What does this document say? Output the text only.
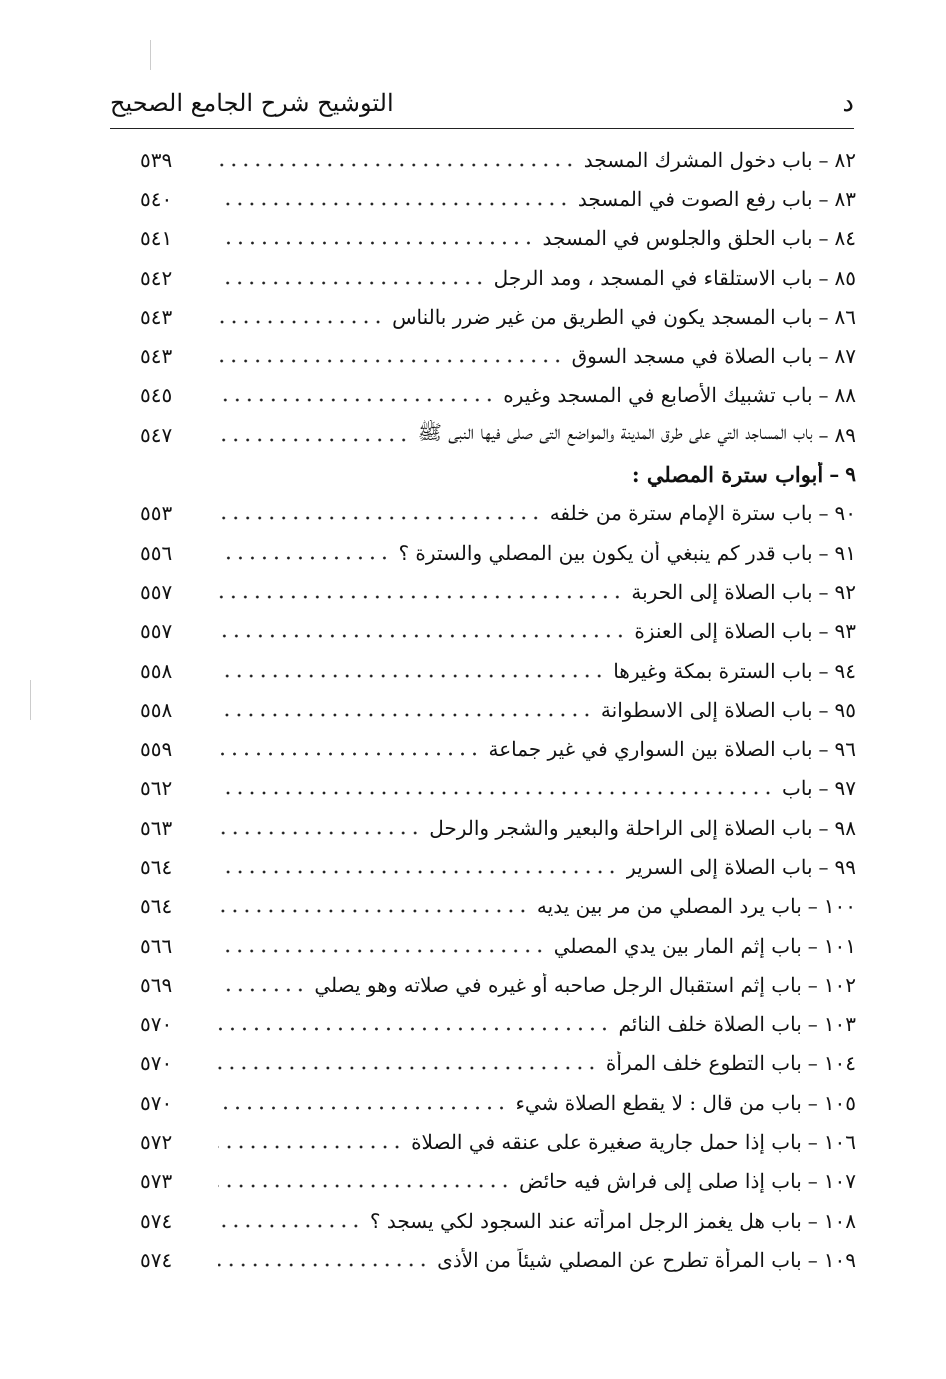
د
التوشيح شرح الجامع الصحيح
٨٢
–
باب دخول المشرك المسجد
٥٣٩
٨٣
–
باب رفع الصوت في المسجد
٥٤٠
٨٤
–
باب الحلق والجلوس في المسجد
٥٤١
٨٥
–
باب الاستلقاء في المسجد ، ومد الرجل
٥٤٢
٨٦
–
باب المسجد يكون في الطريق من غير ضرر بالناس
٥٤٣
٨٧
–
باب الصلاة في مسجد السوق
٥٤٣
٨٨
–
باب تشبيك الأصابع في المسجد وغيره
٥٤٥
٨٩
–
باب المساجد التي على طرق المدينة والمواضع التى صلى فيها النبى ﷺ
٥٤٧
٩
–
أبواب سترة المصلي :
٩٠
–
باب سترة الإمام سترة من خلفه
٥٥٣
٩١
–
باب قدر كم ينبغي أن يكون بين المصلي والسترة ؟
٥٥٦
٩٢
–
باب الصلاة إلى الحربة
٥٥٧
٩٣
–
باب الصلاة إلى العنزة
٥٥٧
٩٤
–
باب السترة بمكة وغيرها
٥٥٨
٩٥
–
باب الصلاة إلى الاسطوانة
٥٥٨
٩٦
–
باب الصلاة بين السواري في غير جماعة
٥٥٩
٩٧
–
باب
٥٦٢
٩٨
–
باب الصلاة إلى الراحلة والبعير والشجر والرحل
٥٦٣
٩٩
–
باب الصلاة إلى السرير
٥٦٤
١٠٠
–
باب يرد المصلي من مر بين يديه
٥٦٤
١٠١
–
باب إثم المار بين يدي المصلي
٥٦٦
١٠٢
–
باب إثم استقبال الرجل صاحبه أو غيره في صلاته وهو يصلي
٥٦٩
١٠٣
–
باب الصلاة خلف النائم
٥٧٠
١٠٤
–
باب التطوع خلف المرأة
٥٧٠
١٠٥
–
باب من قال : لا يقطع الصلاة شيء
٥٧٠
١٠٦
–
باب إذا حمل جارية صغيرة على عنقه في الصلاة
٥٧٢
١٠٧
–
باب إذا صلى إلى فراش فيه حائض
٥٧٣
١٠٨
–
باب هل يغمز الرجل امرأته عند السجود لكي يسجد ؟
٥٧٤
١٠٩
–
باب المرأة تطرح عن المصلي شيئاً من الأذى
٥٧٤
